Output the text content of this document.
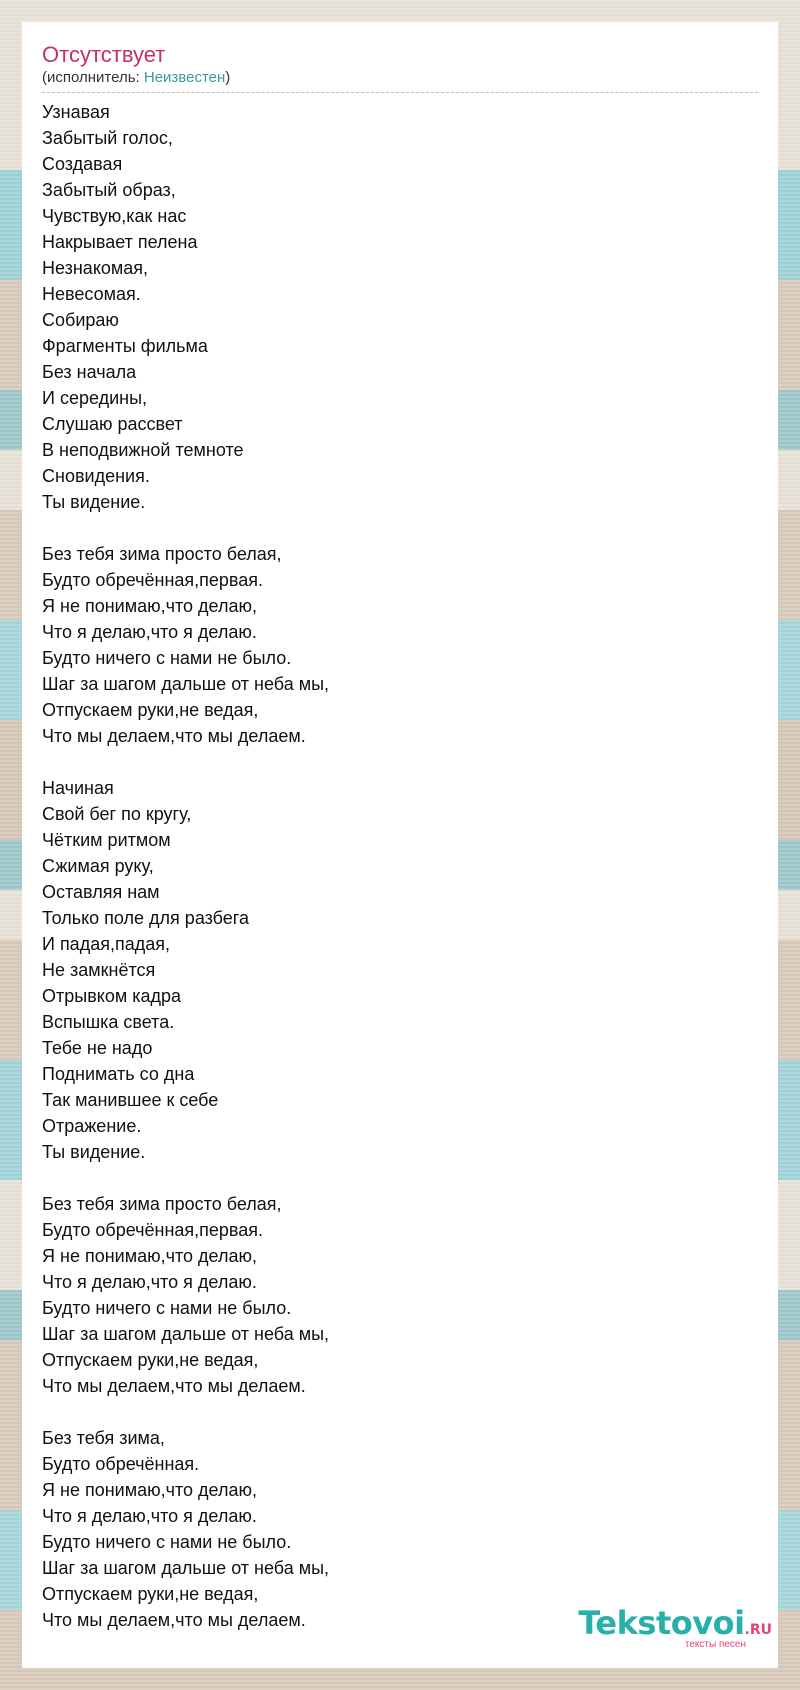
Отсутствует
(исполнитель: Неизвестен)
Узнавая
Забытый голос,
Создавая
Забытый образ,
Чувствую,как нас
Накрывает пелена
Незнакомая,
Невесомая.
Собираю
Фрагменты фильма
Без начала
И середины,
Слушаю рассвет
В неподвижной темноте
Сновидения.
Ты видение.
Без тебя зима просто белая,
Будто обречённая,первая.
Я не понимаю,что делаю,
Что я делаю,что я делаю.
Будто ничего с нами не было.
Шаг за шагом дальше от неба мы,
Отпускаем руки,не ведая,
Что мы делаем,что мы делаем.
Начиная
Свой бег по кругу,
Чётким ритмом
Сжимая руку,
Оставляя нам
Только поле для разбега
И падая,падая,
Не замкнётся
Отрывком кадра
Вспышка света.
Тебе не надо
Поднимать со дна
Так манившее к себе
Отражение.
Ты видение.
Без тебя зима просто белая,
Будто обречённая,первая.
Я не понимаю,что делаю,
Что я делаю,что я делаю.
Будто ничего с нами не было.
Шаг за шагом дальше от неба мы,
Отпускаем руки,не ведая,
Что мы делаем,что мы делаем.
Без тебя зима,
Будто обречённая.
Я не понимаю,что делаю,
Что я делаю,что я делаю.
Будто ничего с нами не было.
Шаг за шагом дальше от неба мы,
Отпускаем руки,не ведая,
Что мы делаем,что мы делаем.	Tekstovoi.RU
тексты песен
